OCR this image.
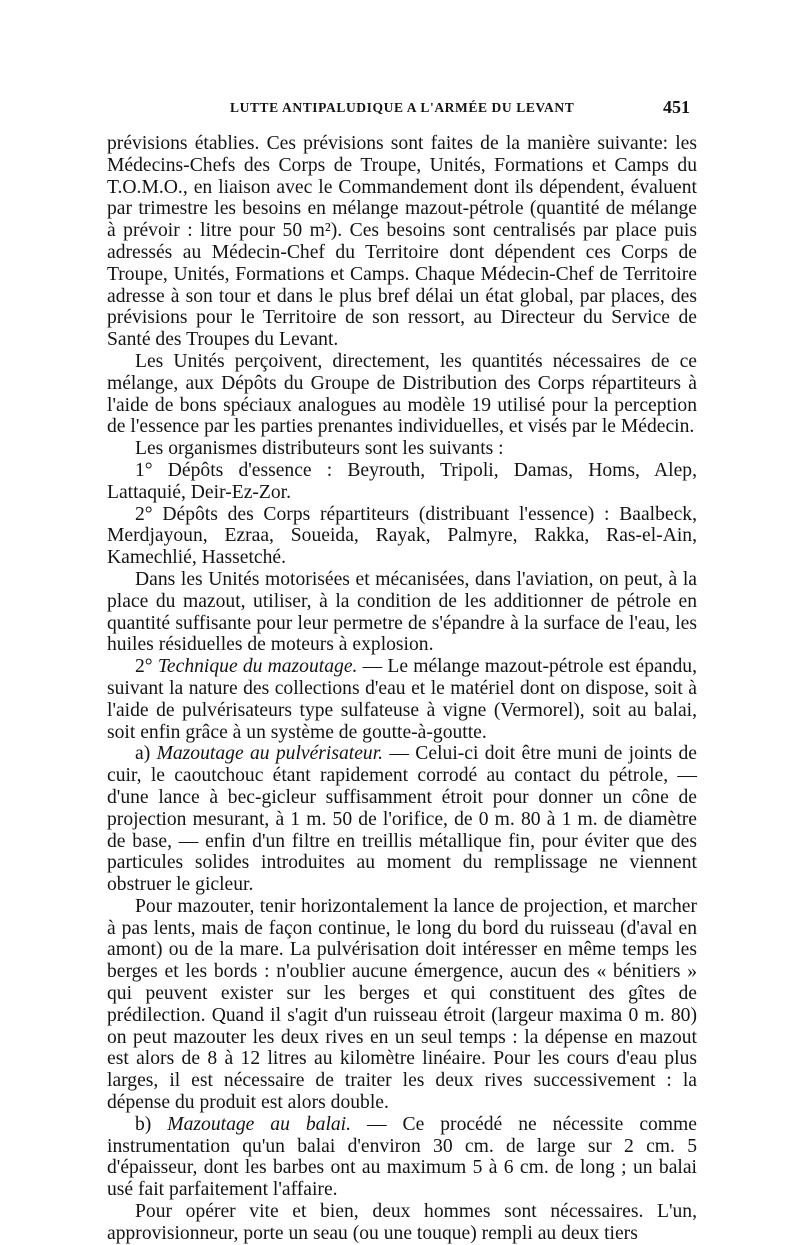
LUTTE ANTIPALUDIQUE A L'ARMÉE DU LEVANT	451

prévisions établies. Ces prévisions sont faites de la manière suivante: les Médecins-Chefs des Corps de Troupe, Unités, Formations et Camps du T.O.M.O., en liaison avec le Commandement dont ils dépendent, évaluent par trimestre les besoins en mélange mazout-pétrole (quantité de mélange à prévoir : litre pour 50 m²). Ces besoins sont centralisés par place puis adressés au Médecin-Chef du Territoire dont dépendent ces Corps de Troupe, Unités, Formations et Camps. Chaque Médecin-Chef de Territoire adresse à son tour et dans le plus bref délai un état global, par places, des prévisions pour le Territoire de son ressort, au Directeur du Service de Santé des Troupes du Levant.

Les Unités perçoivent, directement, les quantités nécessaires de ce mélange, aux Dépôts du Groupe de Distribution des Corps répartiteurs à l'aide de bons spéciaux analogues au modèle 19 utilisé pour la perception de l'essence par les parties prenantes individuelles, et visés par le Médecin.

Les organismes distributeurs sont les suivants :

1° Dépôts d'essence : Beyrouth, Tripoli, Damas, Homs, Alep, Lattaquié, Deir-Ez-Zor.

2° Dépôts des Corps répartiteurs (distribuant l'essence) : Baalbeck, Merdjayoun, Ezraa, Soueida, Rayak, Palmyre, Rakka, Ras-el-Ain, Kamechlié, Hassetché.

Dans les Unités motorisées et mécanisées, dans l'aviation, on peut, à la place du mazout, utiliser, à la condition de les additionner de pétrole en quantité suffisante pour leur permetre de s'épandre à la surface de l'eau, les huiles résiduelles de moteurs à explosion.

2° Technique du mazoutage. — Le mélange mazout-pétrole est épandu, suivant la nature des collections d'eau et le matériel dont on dispose, soit à l'aide de pulvérisateurs type sulfateuse à vigne (Vermorel), soit au balai, soit enfin grâce à un système de goutte-à-goutte.

a) Mazoutage au pulvérisateur. — Celui-ci doit être muni de joints de cuir, le caoutchouc étant rapidement corrodé au contact du pétrole, — d'une lance à bec-gicleur suffisamment étroit pour donner un cône de projection mesurant, à 1 m. 50 de l'orifice, de 0 m. 80 à 1 m. de diamètre de base, — enfin d'un filtre en treillis métallique fin, pour éviter que des particules solides introduites au moment du remplissage ne viennent obstruer le gicleur.

Pour mazouter, tenir horizontalement la lance de projection, et marcher à pas lents, mais de façon continue, le long du bord du ruisseau (d'aval en amont) ou de la mare. La pulvérisation doit intéresser en même temps les berges et les bords : n'oublier aucune émergence, aucun des « bénitiers » qui peuvent exister sur les berges et qui constituent des gîtes de prédilection. Quand il s'agit d'un ruisseau étroit (largeur maxima 0 m. 80) on peut mazouter les deux rives en un seul temps : la dépense en mazout est alors de 8 à 12 litres au kilomètre linéaire. Pour les cours d'eau plus larges, il est nécessaire de traiter les deux rives successivement : la dépense du produit est alors double.

b) Mazoutage au balai. — Ce procédé ne nécessite comme instrumentation qu'un balai d'environ 30 cm. de large sur 2 cm. 5 d'épaisseur, dont les barbes ont au maximum 5 à 6 cm. de long ; un balai usé fait parfaitement l'affaire.

Pour opérer vite et bien, deux hommes sont nécessaires. L'un, approvisionneur, porte un seau (ou une touque) rempli au deux tiers
